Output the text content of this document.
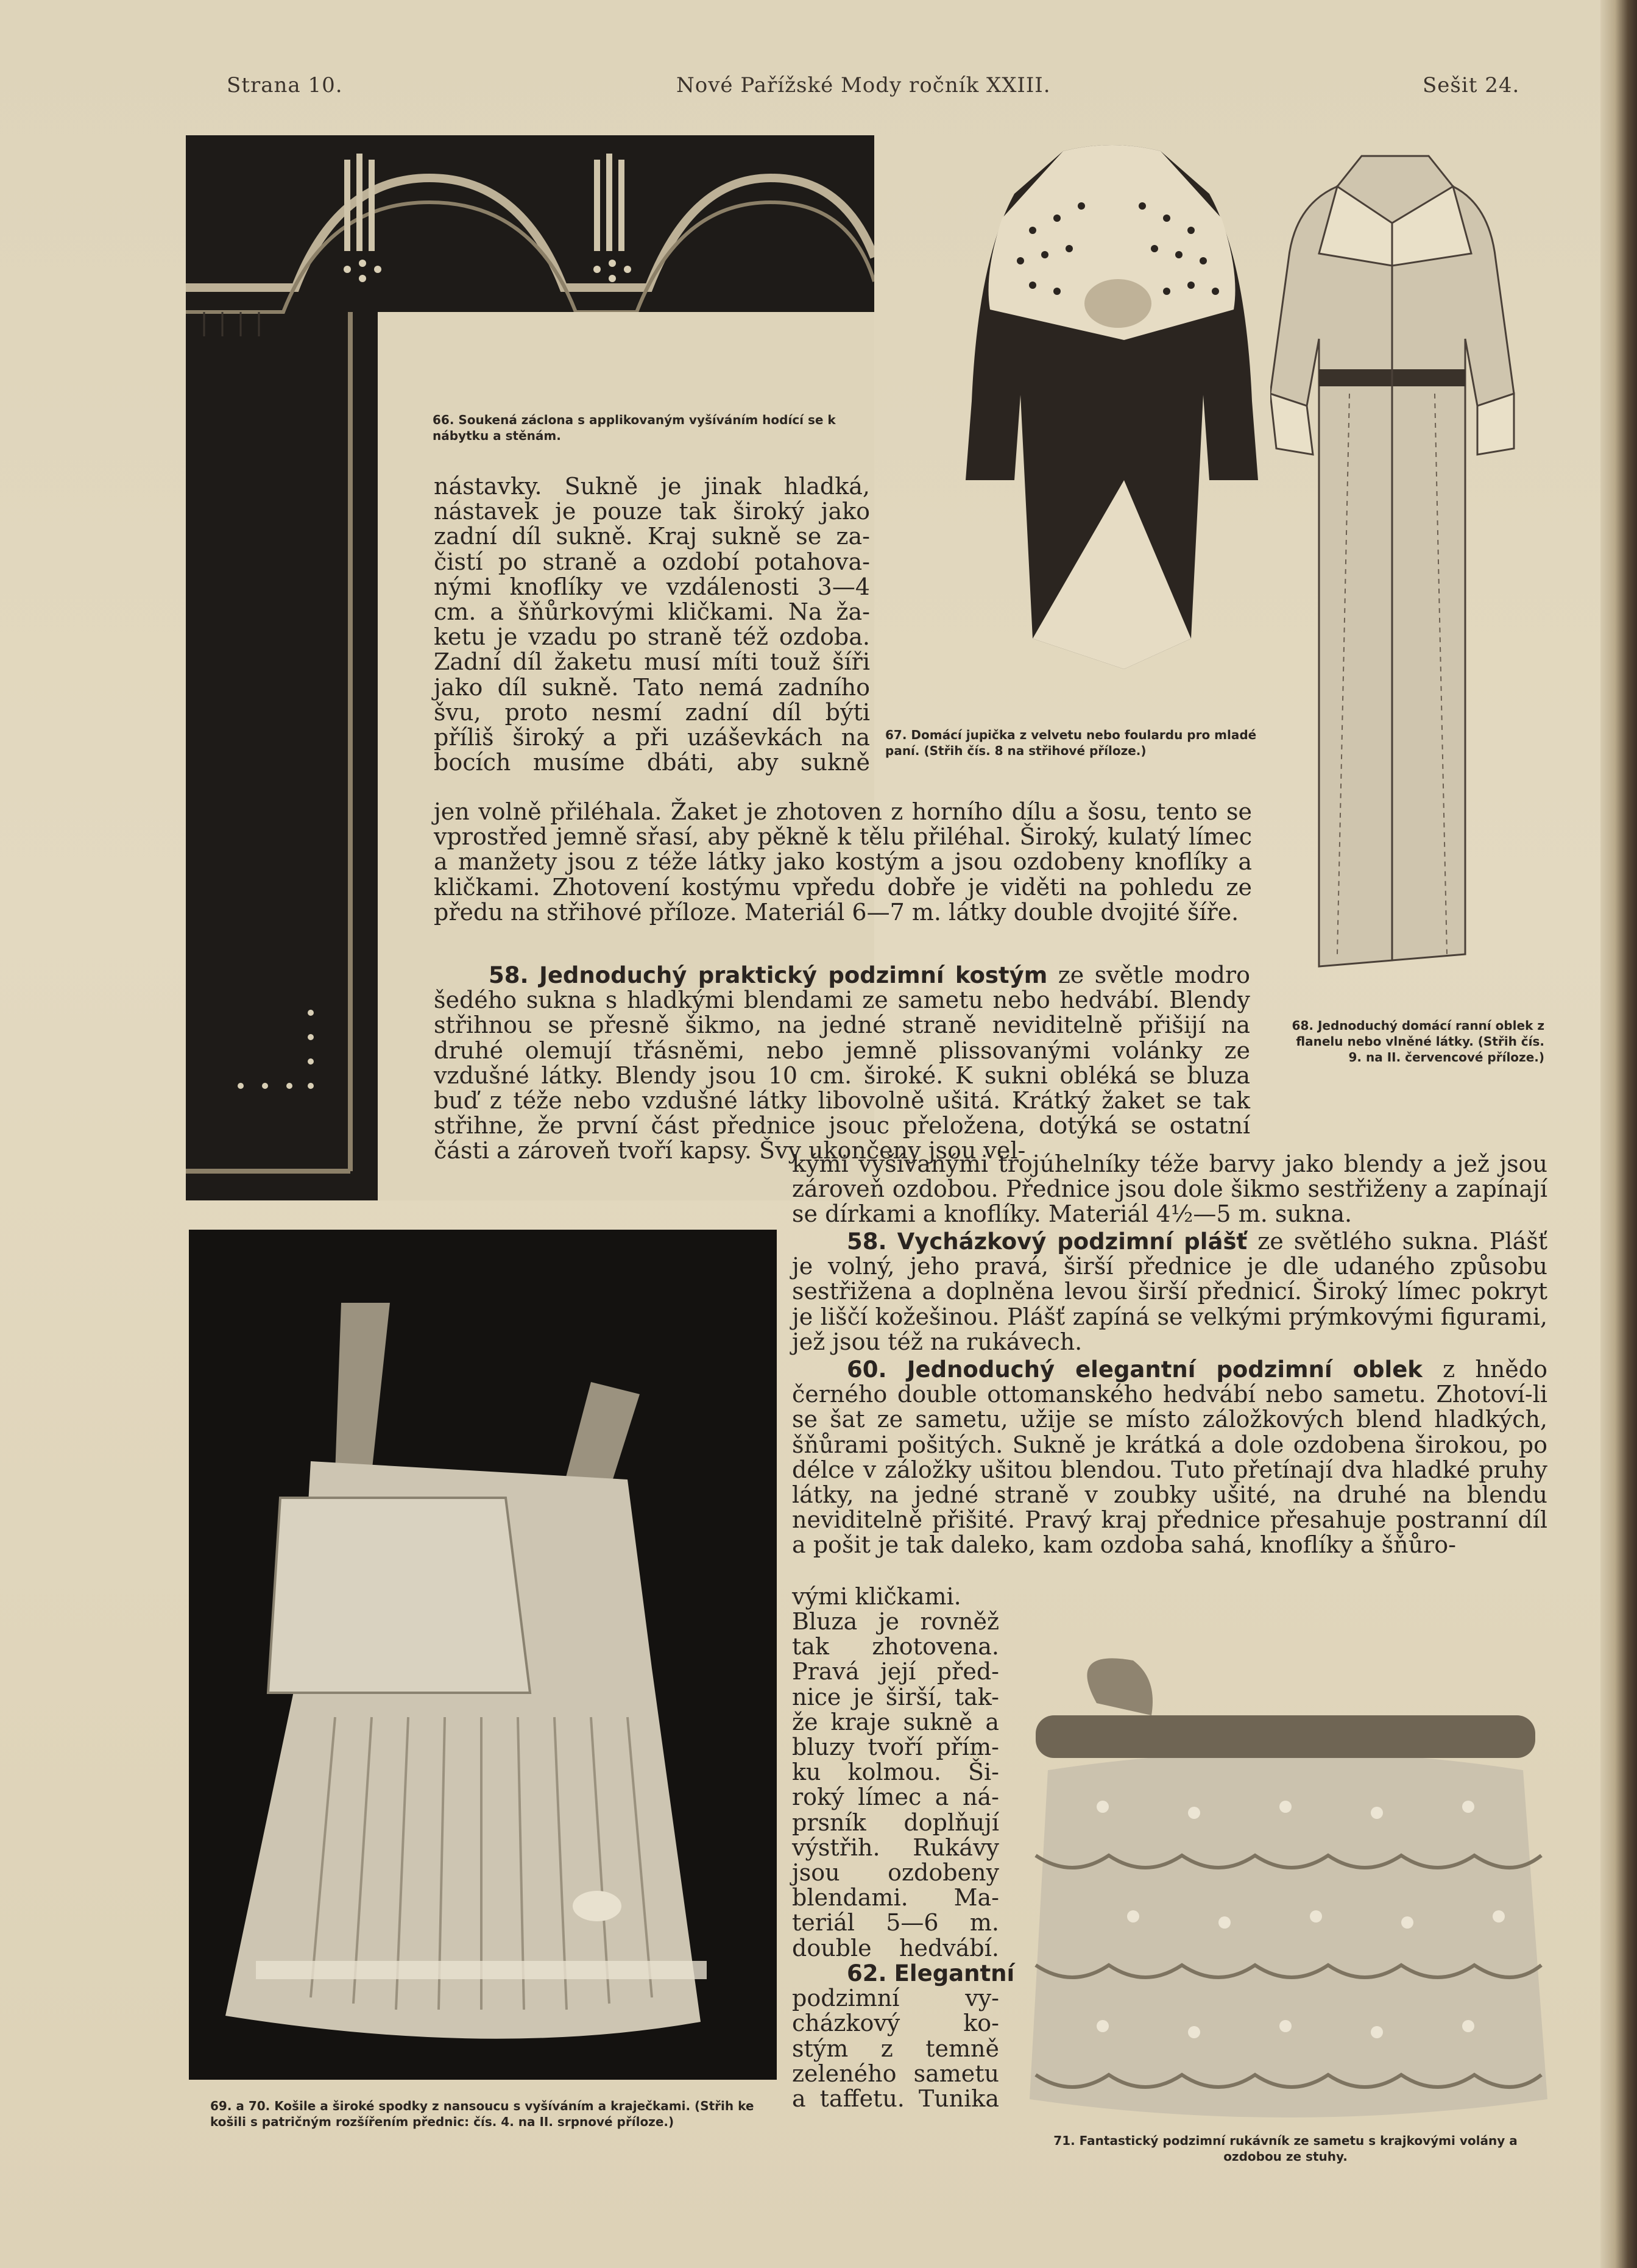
Strana 10.	Nové Pařížské Mody ročník XXIII.	Sešit 24.
66. Soukená záclona s applikovaným vyšíváním hodící se k nábytku a stěnám.
nástavky. Sukně je jinak hladká,
nástavek je pouze tak široký jako
zadní díl sukně. Kraj sukně se za-
čistí po straně a ozdobí potahova-
nými knoflíky ve vzdálenosti 3—4
cm. a šňůrkovými kličkami. Na ža-
ketu je vzadu po straně též ozdoba.
Zadní díl žaketu musí míti touž šíři
jako díl sukně. Tato nemá zadního
švu, proto nesmí zadní díl býti
příliš široký a při uzáševkách na
bocích musíme dbáti, aby sukně
67. Domácí jupička z velvetu nebo foulardu pro mladé paní. (Střih čís. 8 na střihové příloze.)
68. Jednoduchý domácí ranní oblek z flanelu nebo vlněné látky. (Střih čís. 9. na II. červencové příloze.)

jen volně přiléhala. Žaket je zhotoven z horního dílu a šosu, tento se vprostřed jemně sřasí, aby pěkně k tělu přiléhal. Široký, kulatý límec a manžety jsou z téže látky jako kostým a jsou ozdobeny knoflíky a kličkami. Zhotovení kostýmu vpředu dobře je viděti na pohledu ze předu na střihové příloze. Materiál 6—7 m. látky double dvojité šíře.

58. Jednoduchý praktický podzimní kostým ze světle modro šedého sukna s hladkými blendami ze sametu nebo hedvábí. Blendy střihnou se přesně šikmo, na jedné straně neviditelně přišijí na druhé olemují třásněmi, nebo jemně plissovanými volánky ze vzdušné látky. Blendy jsou 10 cm. široké. K sukni obléká se bluza buď z téže nebo vzdušné látky libovolně ušitá. Krátký žaket se tak střihne, že první část přednice jsouc přeložena, dotýká se ostatní části a zároveň tvoří kapsy. Švy ukončeny jsou vel-

kými vyšívanými trojúhelníky téže barvy jako blendy a jež jsou zároveň ozdobou. Přednice jsou dole šikmo sestřiženy a zapínají se dírkami a knoflíky. Materiál 4½—5 m. sukna.

58. Vycházkový podzimní plášť ze světlého sukna. Plášť je volný, jeho pravá, širší přednice je dle udaného způsobu sestřižena a doplněna levou širší přednicí. Široký límec pokryt je liščí kožešinou. Plášť zapíná se velkými prýmkovými figurami, jež jsou též na rukávech.

60. Jednoduchý elegantní podzimní oblek z hnědo černého double ottomanského hedvábí nebo sametu. Zhotoví-li se šat ze sametu, užije se místo záložkových blend hladkých, šňůrami pošitých. Sukně je krátká a dole ozdobena širokou, po délce v záložky ušitou blendou. Tuto přetínají dva hladké pruhy látky, na jedné straně v zoubky ušité, na druhé na blendu neviditelně přišité. Pravý kraj přednice přesahuje postranní díl a pošit je tak daleko, kam ozdoba sahá, knoflíky a šňůro-

vými kličkami.
Bluza je rovněž
tak zhotovena.
Pravá její před-
nice je širší, tak-
že kraje sukně a
bluzy tvoří přím-
ku kolmou. Ši-
roký límec a ná-
prsník doplňují
výstřih. Rukávy
jsou ozdobeny
blendami. Ma-
teriál 5—6 m.
double hedvábí.
62. Elegantní
podzimní vy-
cházkový ko-
stým z temně
zeleného sametu
a taffetu. Tunika
69. a 70. Košile a široké spodky z nansoucu s vyšíváním a kraječkami. (Střih ke košili s patričným rozšířením přednic: čís. 4. na II. srpnové příloze.)
71. Fantastický podzimní rukávník ze sametu s krajkovými volány a ozdobou ze stuhy.
